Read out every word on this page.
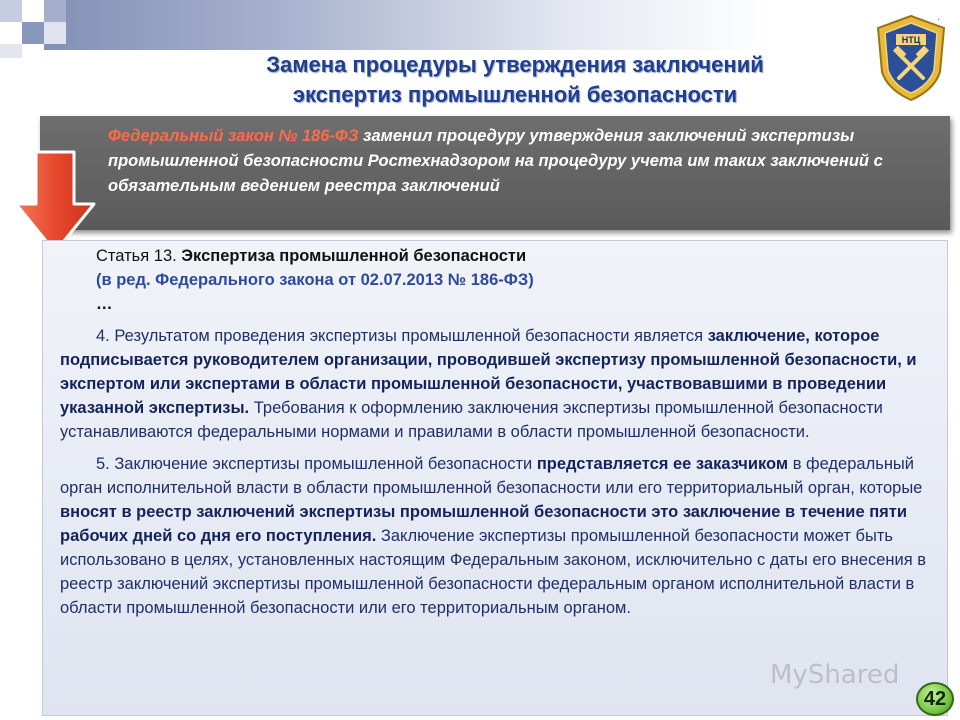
Замена процедуры утверждения заключений
экспертиз промышленной безопасности
·
НТЦ
Федеральный закон № 186-ФЗ заменил процедуру утверждения заключений экспертизы промышленной безопасности Ростехнадзором на процедуру учета им таких заключений с обязательным ведением реестра заключений

Статья 13. Экспертиза промышленной безопасности

(в ред. Федерального закона от 02.07.2013 № 186-ФЗ)

…

4. Результатом проведения экспертизы промышленной безопасности является заключение, которое подписывается руководителем организации, проводившей экспертизу промышленной безопасности, и экспертом или экспертами в области промышленной безопасности, участвовавшими в проведении указанной экспертизы. Требования к оформлению заключения экспертизы промышленной безопасности устанавливаются федеральными нормами и правилами в области промышленной безопасности.

5. Заключение экспертизы промышленной безопасности представляется ее заказчиком в федеральный орган исполнительной власти в области промышленной безопасности или его территориальный орган, которые вносят в реестр заключений экспертизы промышленной безопасности это заключение в течение пяти рабочих дней со дня его поступления. Заключение экспертизы промышленной безопасности может быть использовано в целях, установленных настоящим Федеральным законом, исключительно с даты его внесения в реестр заключений экспертизы промышленной безопасности федеральным органом исполнительной власти в области промышленной безопасности или его территориальным органом.

MyShared
42
